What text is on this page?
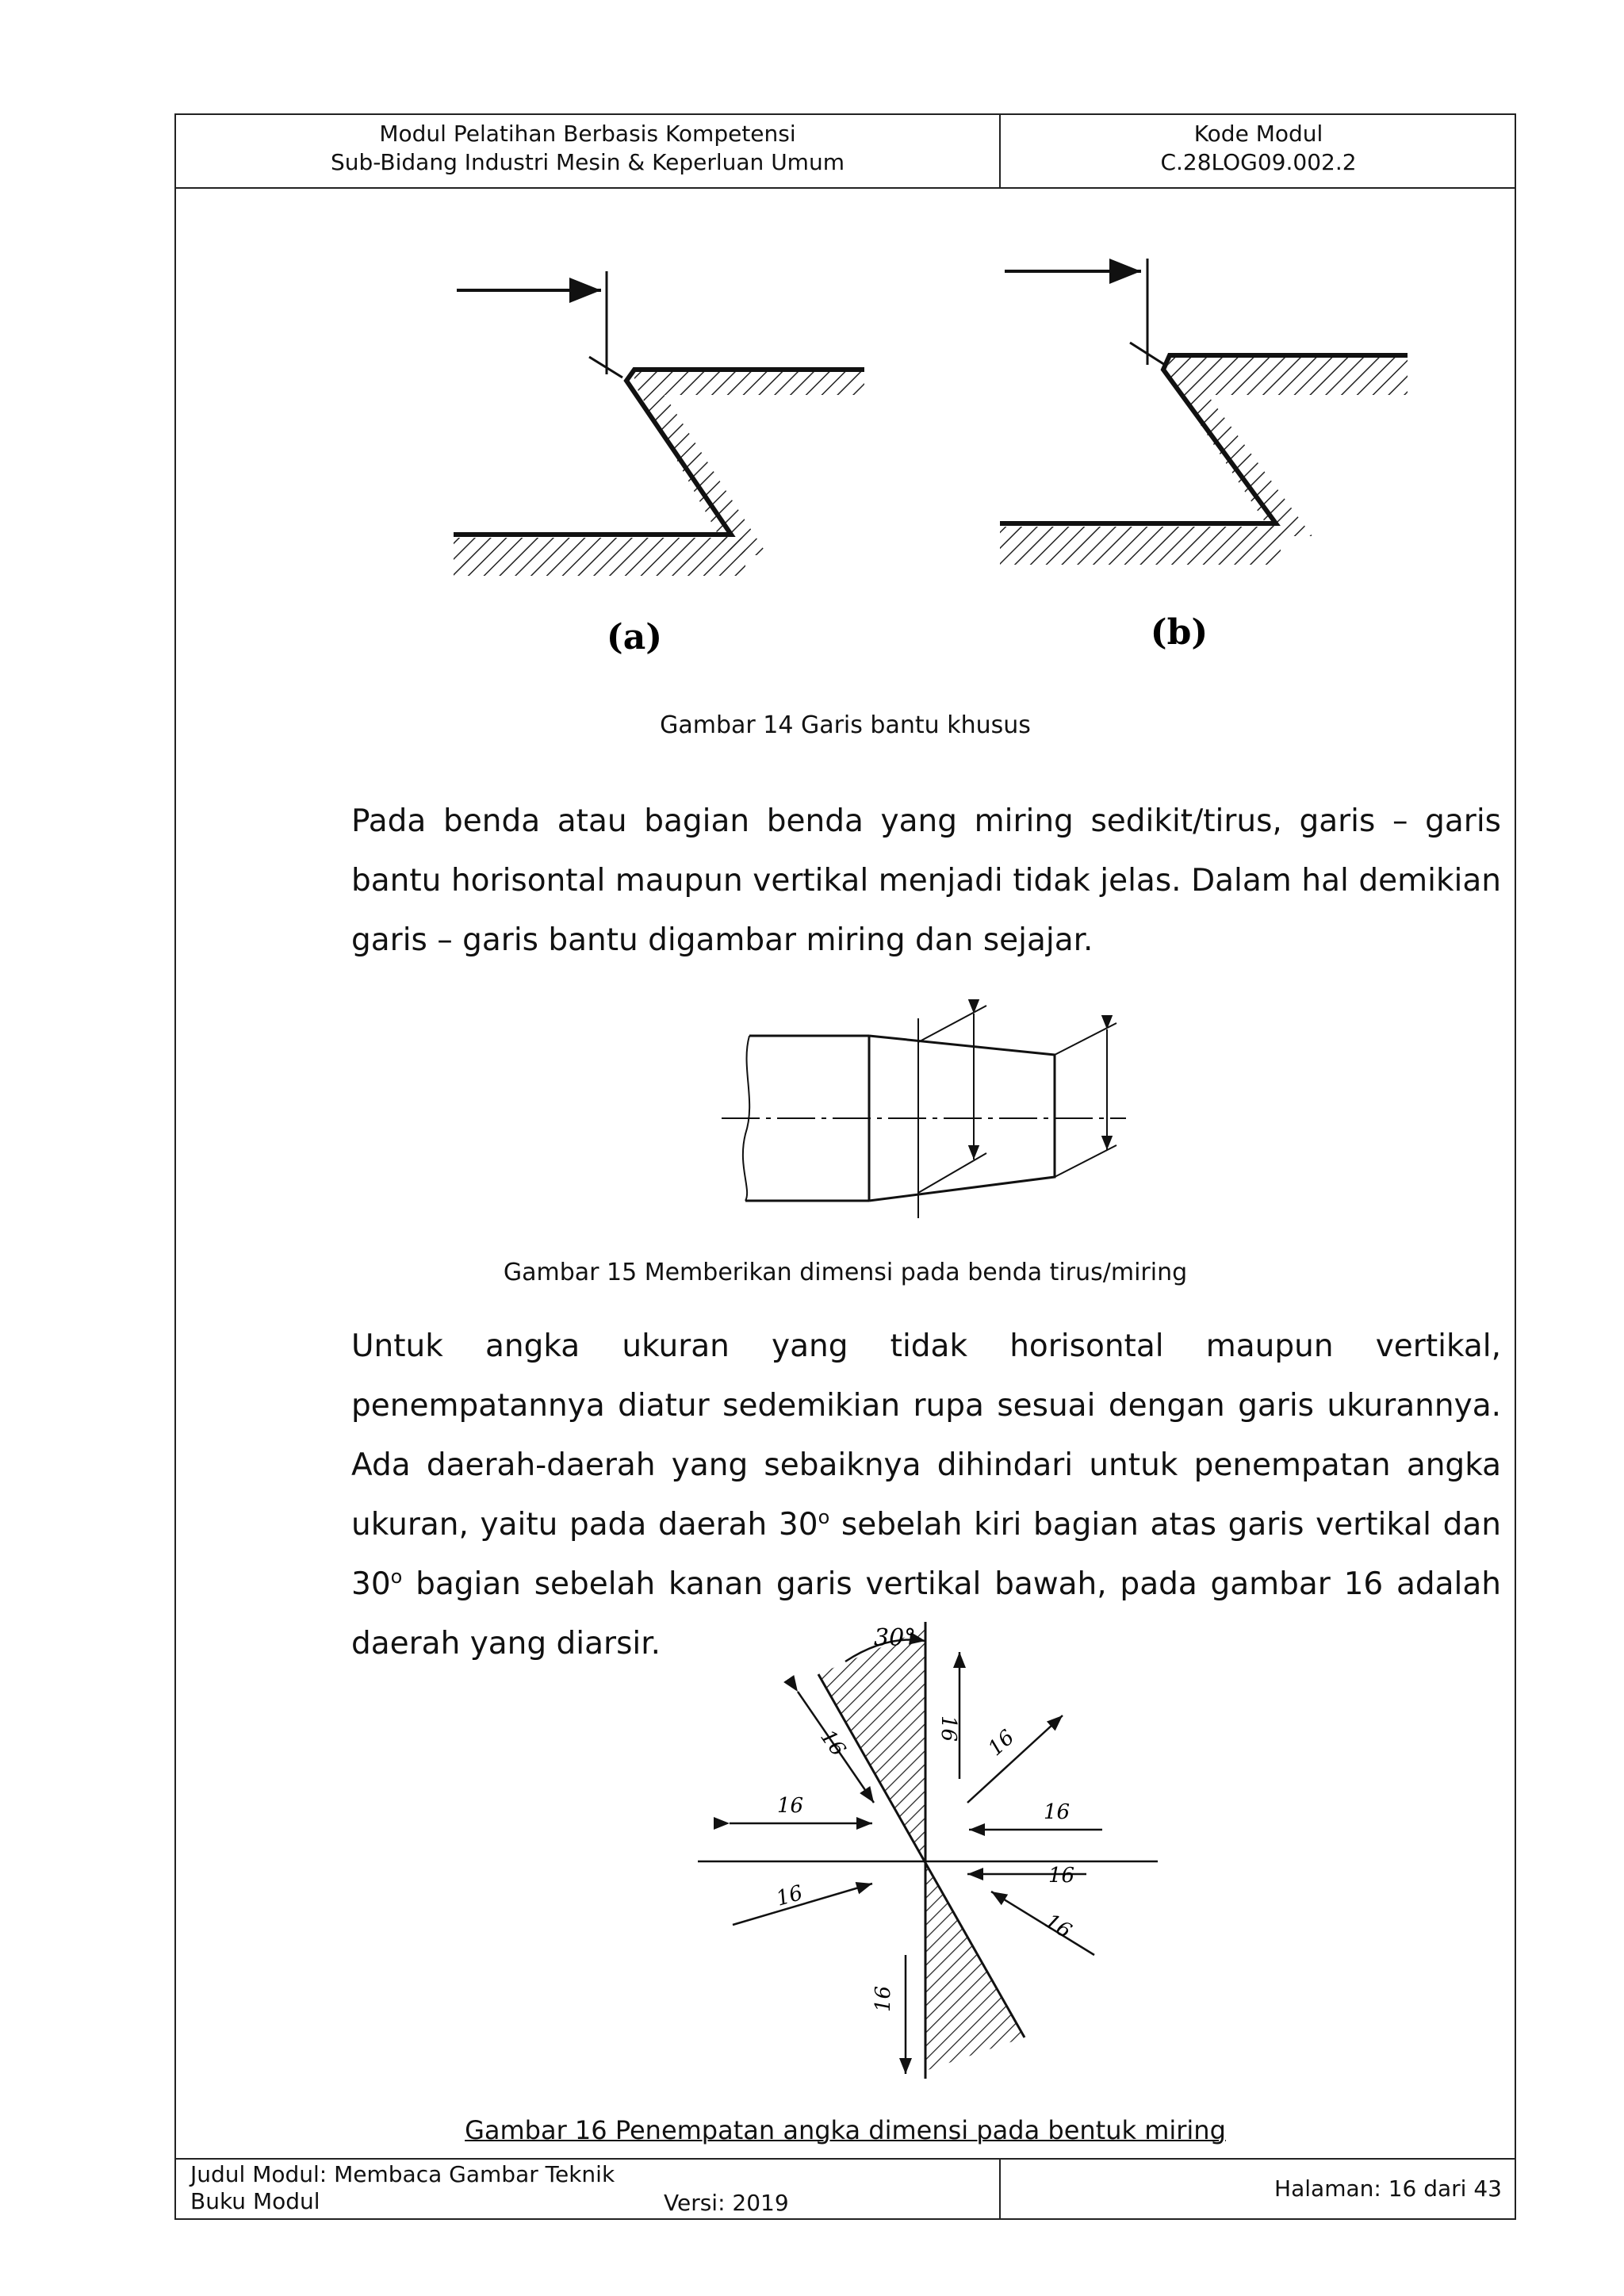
Modul Pelatihan Berbasis Kompetensi
Sub-Bidang Industri Mesin & Keperluan Umum
Kode Modul
C.28LOG09.002.2
Judul Modul: Membaca Gambar Teknik
Buku Modul	Versi: 2019
Halaman: 16 dari 43
(a)	(b)
Gambar 14 Garis bantu khusus
Pada benda atau bagian benda yang miring sedikit/tirus, garis – garis bantu horisontal maupun vertikal menjadi tidak jelas. Dalam hal demikian garis – garis bantu digambar miring dan sejajar.
Gambar 15 Memberikan dimensi pada benda tirus/miring
Untuk angka ukuran yang tidak horisontal maupun vertikal, penempatannya diatur sedemikian rupa sesuai dengan garis ukurannya. Ada daerah-daerah yang sebaiknya dihindari untuk penempatan angka ukuran, yaitu pada daerah 30$^o$ sebelah kiri bagian atas garis vertikal dan 30$^o$ bagian sebelah kanan garis vertikal bawah, pada gambar 16 adalah daerah yang diarsir.	30°
16
16
16	16
16	16
16
16
16
Gambar 16 Penempatan angka dimensi pada bentuk miring
